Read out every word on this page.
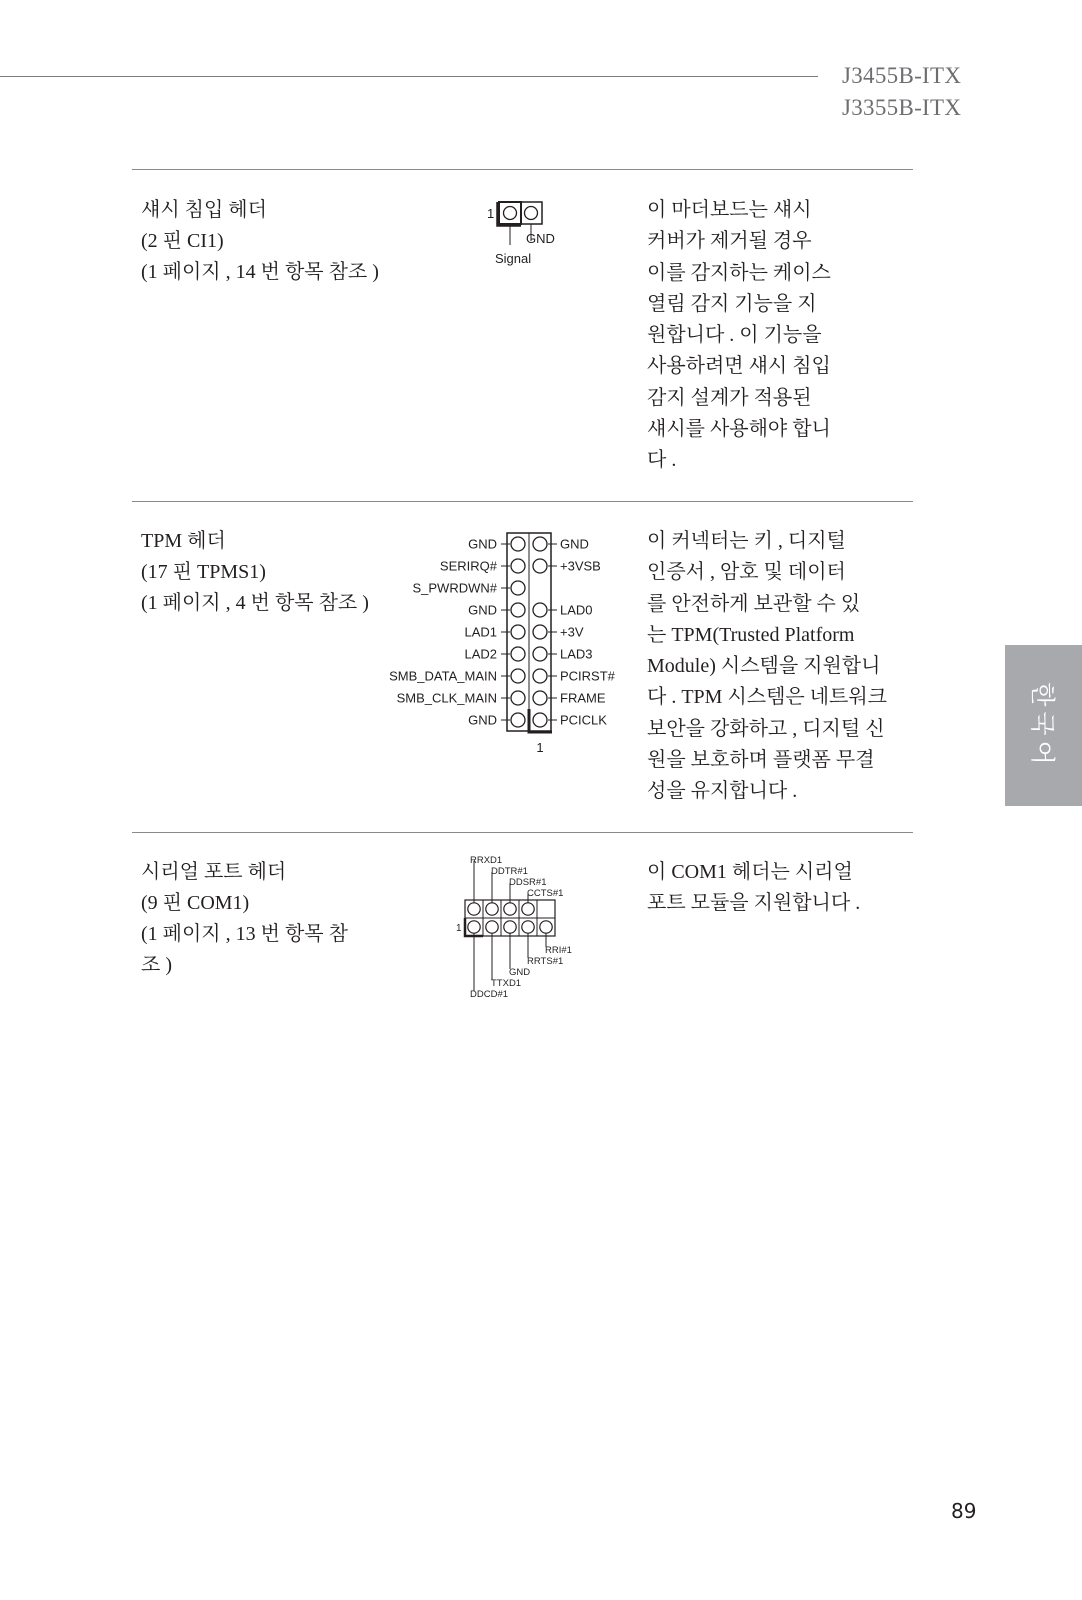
J3455B-ITX
J3355B-ITX
섀시 침입 헤더
(2 핀 CI1)
(1 페이지 , 14 번 항목 참조 )
1
GND
Signal
이 마더보드는 섀시
커버가 제거될 경우
이를 감지하는 케이스
열림 감지 기능을 지
원합니다 . 이 기능을
사용하려면 섀시 침입
감지 설계가 적용된
섀시를 사용해야 합니
다 .
TPM 헤더
(17 핀 TPMS1)
(1 페이지 , 4 번 항목 참조 )
GND	GND
SERIRQ#	+3VSB
S_PWRDWN#
GND	LAD0
LAD1	+3V
LAD2	LAD3
SMB_DATA_MAIN	PCIRST#
SMB_CLK_MAIN	FRAME
GND	PCICLK
1
이 커넥터는 키 , 디지털
인증서 , 암호 및 데이터
를 안전하게 보관할 수 있
는 TPM(Trusted Platform
Module) 시스템을 지원합니
다 . TPM 시스템은 네트워크
보안을 강화하고 , 디지털 신
원을 보호하며 플랫폼 무결
성을 유지합니다 .
시리얼 포트 헤더
(9 핀 COM1)
(1 페이지 , 13 번 항목 참
조 )
1
RRXD1
DDTR#1
DDSR#1
CCTS#1
RRI#1
RRTS#1
GND
TTXD1
DDCD#1
이 COM1 헤더는 시리얼
포트 모듈을 지원합니다 .
한국어
89
